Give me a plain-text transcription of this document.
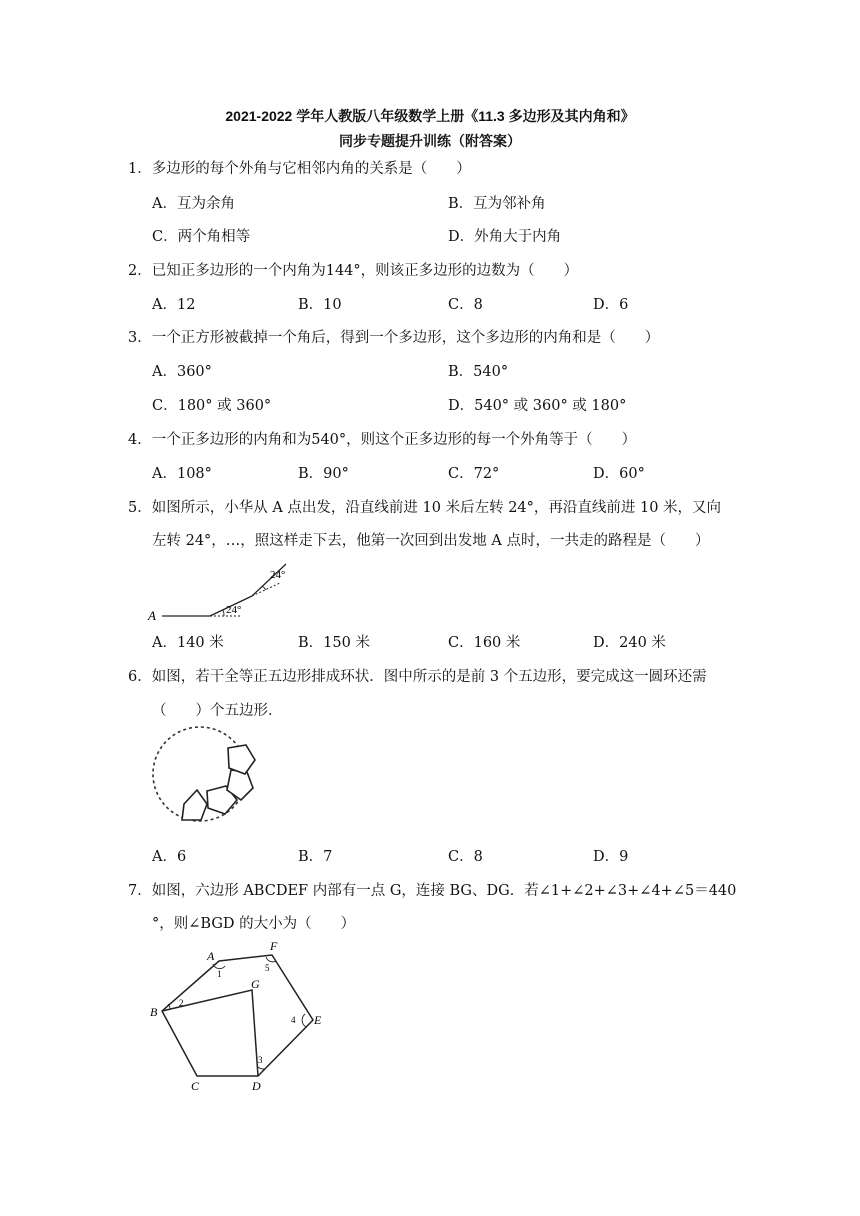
2021-2022 学年人教版八年级数学上册《11.3 多边形及其内角和》
同步专题提升训练（附答案）
1．多边形的每个外角与它相邻内角的关系是（　　）
A．互为余角	B．互为邻补角
C．两个角相等	D．外角大于内角
2．已知正多边形的一个内角为144°，则该正多边形的边数为（　　）
A．12	B．10	C．8	D．6
3．一个正方形被截掉一个角后，得到一个多边形，这个多边形的内角和是（　　）
A．360°	B．540°
C．180° 或 360°	D．540° 或 360° 或 180°
4．一个正多边形的内角和为540°，则这个正多边形的每一个外角等于（　　）
A．108°	B．90°	C．72°	D．60°
5．如图所示，小华从 A 点出发，沿直线前进 10 米后左转 24°，再沿直线前进 10 米，又向
左转 24°，…，照这样走下去，他第一次回到出发地 A 点时，一共走的路程是（　　）
A	24°
24°
A．140 米	B．150 米	C．160 米	D．240 米
6．如图，若干全等正五边形排成环状．图中所示的是前 3 个五边形，要完成这一圆环还需
（　　）个五边形．
A．6	B．7	C．8	D．9
7．如图，六边形 ABCDEF 内部有一点 G，连接 BG、DG．若∠1+∠2+∠3+∠4+∠5＝440
°，则∠BGD 的大小为（　　）
A
F
B
G
E
C	D
1
2
3
4
5
